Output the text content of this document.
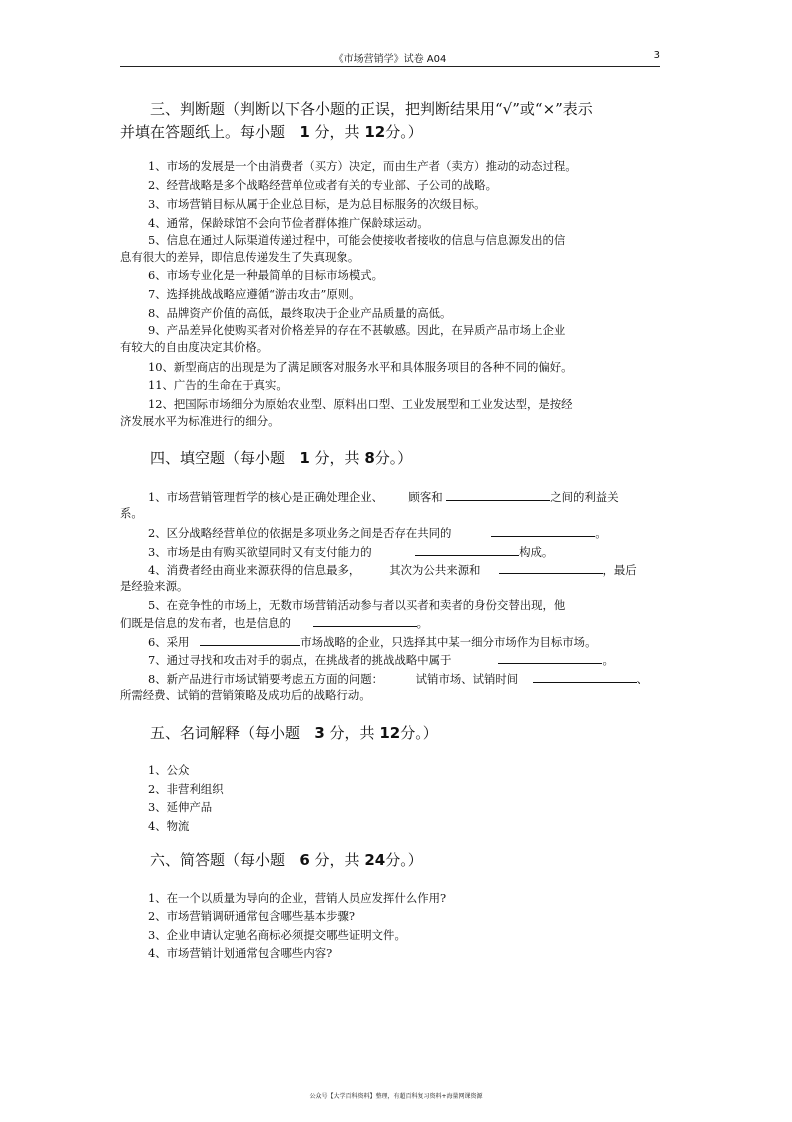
《市场营销学》试卷 A04	3
三、判断题（判断以下各小题的正误，把判断结果用“√”或“×”表示
并填在答题纸上。每小题 1 分，共 12分。）
1、市场的发展是一个由消费者（买方）决定，而由生产者（卖方）推动的动态过程。
2、经营战略是多个战略经营单位或者有关的专业部、子公司的战略。
3、市场营销目标从属于企业总目标，是为总目标服务的次级目标。
4、通常，保龄球馆不会向节俭者群体推广保龄球运动。
5、信息在通过人际渠道传递过程中，可能会使接收者接收的信息与信息源发出的信
息有很大的差异，即信息传递发生了失真现象。
6、市场专业化是一种最简单的目标市场模式。
7、选择挑战战略应遵循“游击攻击”原则。
8、品牌资产价值的高低，最终取决于企业产品质量的高低。
9、产品差异化使购买者对价格差异的存在不甚敏感。因此，在异质产品市场上企业
有较大的自由度决定其价格。
10、新型商店的出现是为了满足顾客对服务水平和具体服务项目的各种不同的偏好。
11、广告的生命在于真实。
12、把国际市场细分为原始农业型、原料出口型、工业发展型和工业发达型，是按经
济发展水平为标准进行的细分。
四、填空题（每小题 1 分，共 8分。）
1、市场营销管理哲学的核心是正确处理企业、 顾客和	之间的利益关
系。
2、区分战略经营单位的依据是多项业务之间是否存在共同的	。
3、市场是由有购买欲望同时又有支付能力的	构成。
4、消费者经由商业来源获得的信息最多，	其次为公共来源和	，最后
是经验来源。
5、在竞争性的市场上，无数市场营销活动参与者以买者和卖者的身份交替出现，他
们既是信息的发布者，也是信息的	。
6、采用	市场战略的企业，只选择其中某一细分市场作为目标市场。
7、通过寻找和攻击对手的弱点，在挑战者的挑战战略中属于	。
8、新产品进行市场试销要考虑五方面的问题：	试销市场、试销时间	、
所需经费、试销的营销策略及成功后的战略行动。
五、名词解释（每小题 3 分，共 12分。）
1、公众
2、非营利组织
3、延伸产品
4、物流
六、简答题（每小题 6 分，共 24分。）
1、在一个以质量为导向的企业，营销人员应发挥什么作用?
2、市场营销调研通常包含哪些基本步骤?
3、企业申请认定驰名商标必须提交哪些证明文件。
4、市场营销计划通常包含哪些内容?
公众号【大学百科资料】整理，有超百科复习资料+海量网课资源
